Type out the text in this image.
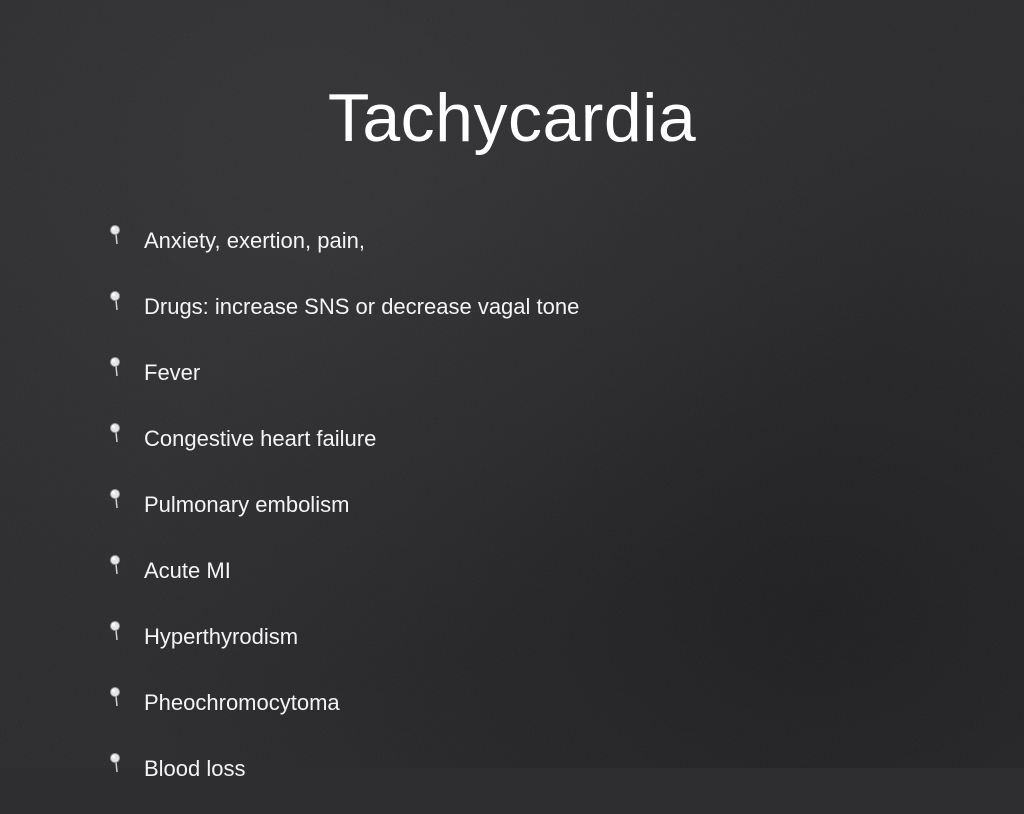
Tachycardia
Anxiety, exertion, pain,
Drugs: increase SNS or decrease vagal tone
Fever
Congestive heart failure
Pulmonary embolism
Acute MI
Hyperthyrodism
Pheochromocytoma
Blood loss
